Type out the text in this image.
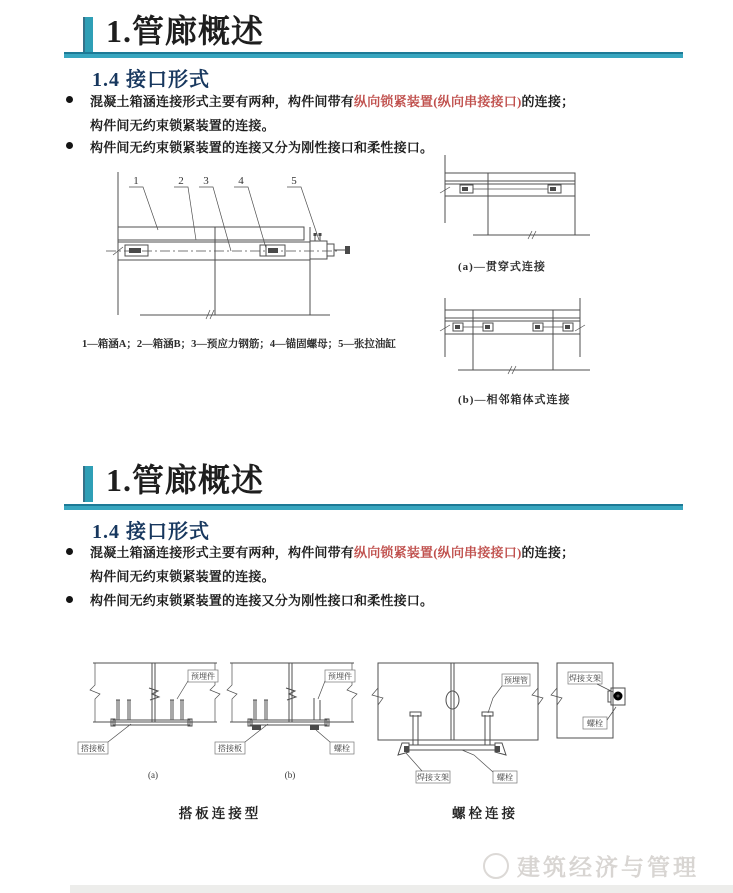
1.管廊概述
1.4 接口形式
混凝土箱涵连接形式主要有两种，构件间带有纵向锁紧装置(纵向串接接口)的连接；
构件间无约束锁紧装置的连接。
构件间无约束锁紧装置的连接又分为刚性接口和柔性接口。
1	2 3	4	5
1—箱涵A；2—箱涵B；3—预应力钢筋；4—锚固螺母；5—张拉油缸
(a)—贯穿式连接
(b)—相邻箱体式连接
1.管廊概述
1.4 接口形式
混凝土箱涵连接形式主要有两种，构件间带有纵向锁紧装置(纵向串接接口)的连接；
构件间无约束锁紧装置的连接。
构件间无约束锁紧装置的连接又分为刚性接口和柔性接口。
预埋件
搭接板
(a)
预埋件
搭接板	螺栓
(b)
搭板连接型
预埋管
焊接支架	螺栓
焊接支架
螺栓
螺栓连接
建筑经济与管理
